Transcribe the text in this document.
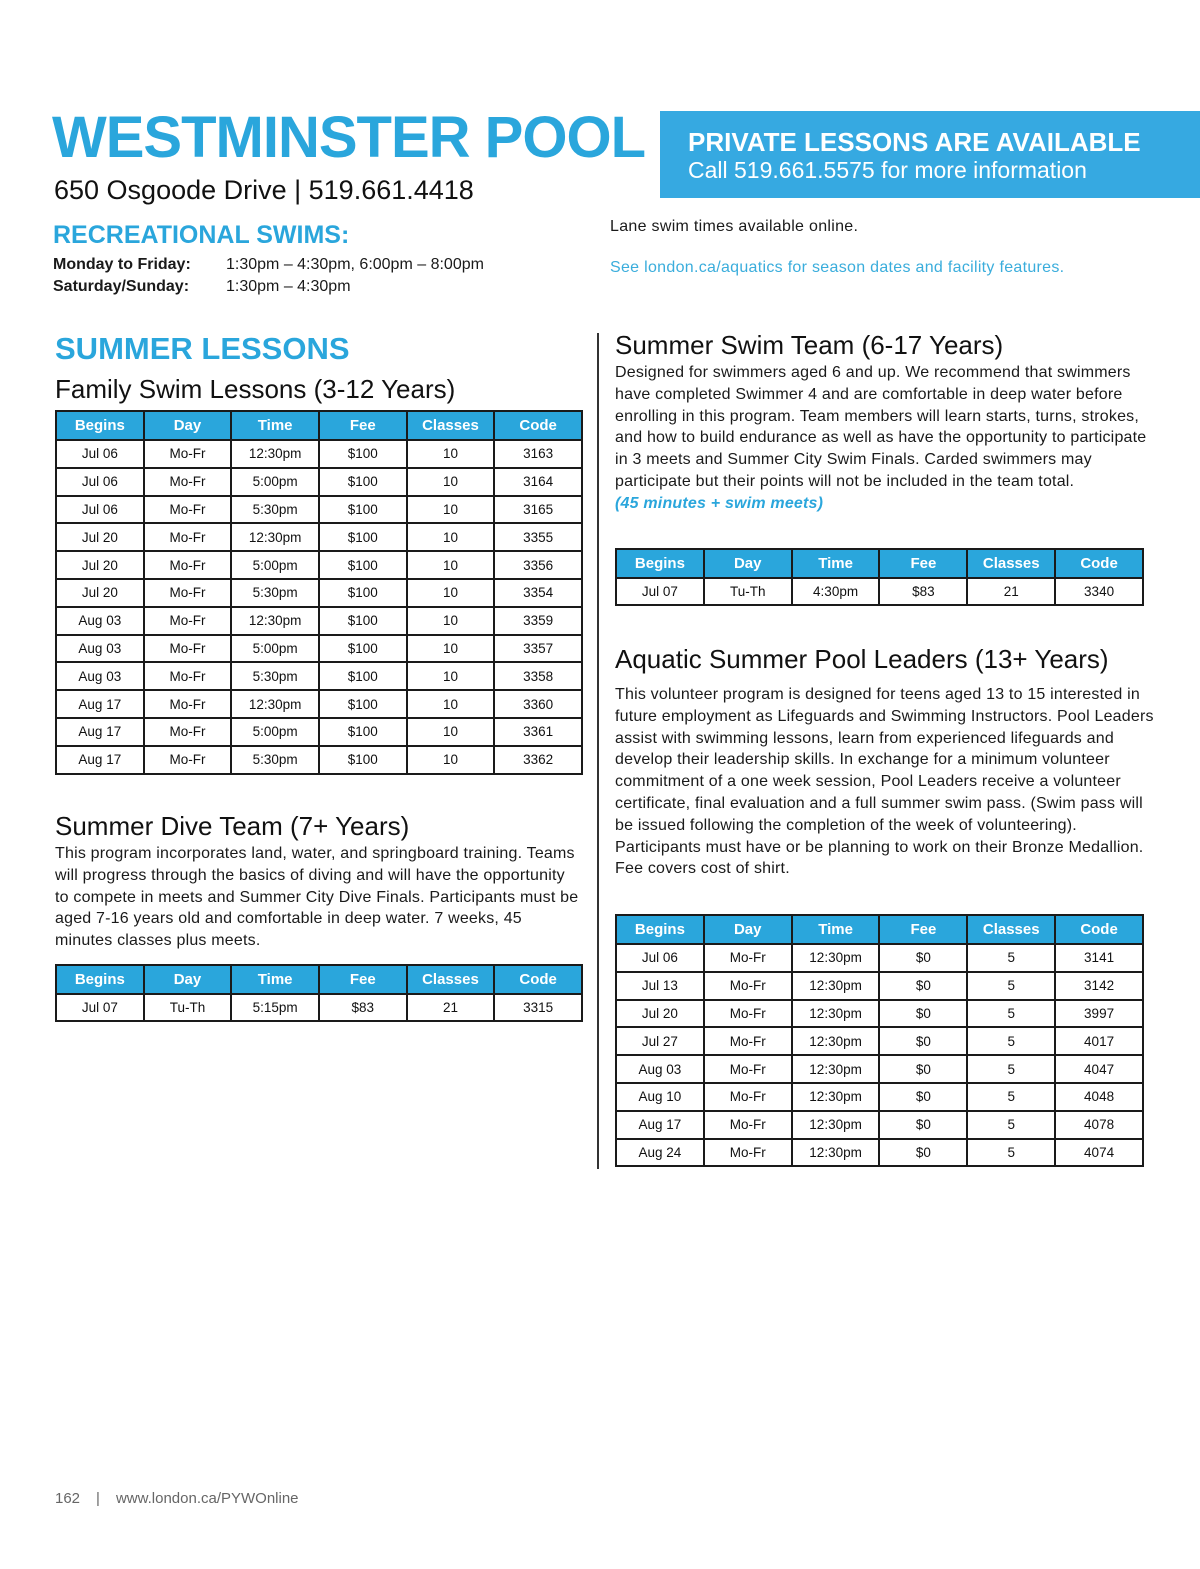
WESTMINSTER POOL
650 Osgoode Drive | 519.661.4418
PRIVATE LESSONS ARE AVAILABLE
Call 519.661.5575 for more information
RECREATIONAL SWIMS:
Monday to Friday: 1:30pm – 4:30pm, 6:00pm – 8:00pm
Saturday/Sunday: 1:30pm – 4:30pm
Lane swim times available online.
See london.ca/aquatics for season dates and facility features.
SUMMER LESSONS
Family Swim Lessons (3-12 Years)
Begins	Day	Time	Fee	Classes	Code
Jul 06	Mo-Fr	12:30pm	$100	10	3163
Jul 06	Mo-Fr	5:00pm	$100	10	3164
Jul 06	Mo-Fr	5:30pm	$100	10	3165
Jul 20	Mo-Fr	12:30pm	$100	10	3355
Jul 20	Mo-Fr	5:00pm	$100	10	3356
Jul 20	Mo-Fr	5:30pm	$100	10	3354
Aug 03	Mo-Fr	12:30pm	$100	10	3359
Aug 03	Mo-Fr	5:00pm	$100	10	3357
Aug 03	Mo-Fr	5:30pm	$100	10	3358
Aug 17	Mo-Fr	12:30pm	$100	10	3360
Aug 17	Mo-Fr	5:00pm	$100	10	3361
Aug 17	Mo-Fr	5:30pm	$100	10	3362
Summer Dive Team (7+ Years)
This program incorporates land, water, and springboard training. Teams will progress through the basics of diving and will have the opportunity to compete in meets and Summer City Dive Finals. Participants must be aged 7-16 years old and comfortable in deep water. 7 weeks, 45 minutes classes plus meets.
Begins	Day	Time	Fee	Classes	Code
Jul 07	Tu-Th	5:15pm	$83	21	3315
Summer Swim Team (6-17 Years)
Designed for swimmers aged 6 and up. We recommend that swimmers have completed Swimmer 4 and are comfortable in deep water before enrolling in this program. Team members will learn starts, turns, strokes, and how to build endurance as well as have the opportunity to participate in 3 meets and Summer City Swim Finals. Carded swimmers may participate but their points will not be included in the team total.
(45 minutes + swim meets)
Begins	Day	Time	Fee	Classes	Code
Jul 07	Tu-Th	4:30pm	$83	21	3340
Aquatic Summer Pool Leaders (13+ Years)
This volunteer program is designed for teens aged 13 to 15 interested in future employment as Lifeguards and Swimming Instructors. Pool Leaders assist with swimming lessons, learn from experienced lifeguards and develop their leadership skills. In exchange for a minimum volunteer commitment of a one week session, Pool Leaders receive a volunteer certificate, final evaluation and a full summer swim pass. (Swim pass will be issued following the completion of the week of volunteering). Participants must have or be planning to work on their Bronze Medallion. Fee covers cost of shirt.
Begins	Day	Time	Fee	Classes	Code
Jul 06	Mo-Fr	12:30pm	$0	5	3141
Jul 13	Mo-Fr	12:30pm	$0	5	3142
Jul 20	Mo-Fr	12:30pm	$0	5	3997
Jul 27	Mo-Fr	12:30pm	$0	5	4017
Aug 03	Mo-Fr	12:30pm	$0	5	4047
Aug 10	Mo-Fr	12:30pm	$0	5	4048
Aug 17	Mo-Fr	12:30pm	$0	5	4078
Aug 24	Mo-Fr	12:30pm	$0	5	4074
162 | www.london.ca/PYWOnline
